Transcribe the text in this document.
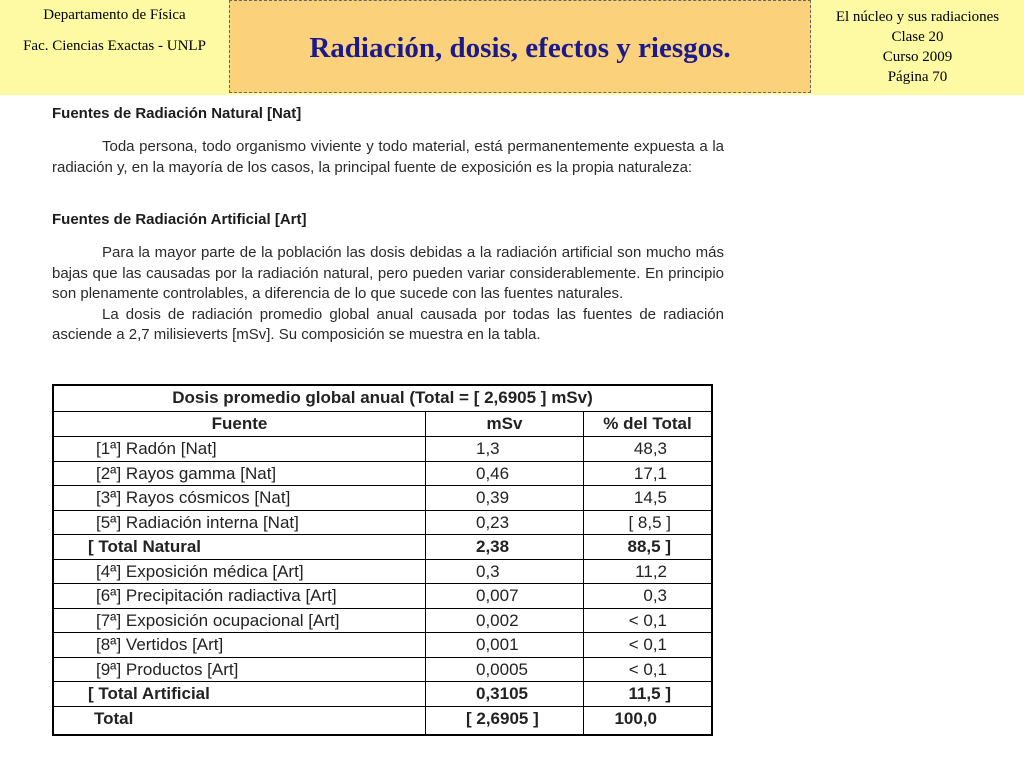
Departamento de Física
Fac. Ciencias Exactas - UNLP	Radiación, dosis, efectos y riesgos.
El núcleo y sus radiaciones
Clase 20
Curso 2009
Página 70
Fuentes de Radiación Natural [Nat]
Toda persona, todo organismo viviente y todo material, está permanentemente expuesta a la radiación y, en la mayoría de los casos, la principal fuente de exposición es la propia naturaleza:
Fuentes de Radiación Artificial [Art]
Para la mayor parte de la población las dosis debidas a la radiación artificial son mucho más bajas que las causadas por la radiación natural, pero pueden variar considerablemente. En principio son plenamente controlables, a diferencia de lo que sucede con las fuentes naturales.
La dosis de radiación promedio global anual causada por todas las fuentes de radiación asciende a 2,7 milisieverts [mSv]. Su composición se muestra en la tabla.
Dosis promedio global anual (Total = [ 2,6905 ] mSv)
Fuente	mSv	% del Total
[1ª] Radón [Nat]	1,3	48,3
[2ª] Rayos gamma [Nat]	0,46	17,1
[3ª] Rayos cósmicos [Nat]	0,39	14,5
[5ª] Radiación interna [Nat]	0,23	[ 8,5 ]
[ Total Natural	2,38	88,5 ]
[4ª] Exposición médica [Art]	0,3	11,2
[6ª] Precipitación radiactiva [Art]	0,007	0,3
[7ª] Exposición ocupacional [Art]	0,002	< 0,1
[8ª] Vertidos [Art]	0,001	< 0,1
[9ª] Productos [Art]	0,0005	< 0,1
[ Total Artificial	0,3105	11,5 ]
Total	[ 2,6905 ]	100,0
